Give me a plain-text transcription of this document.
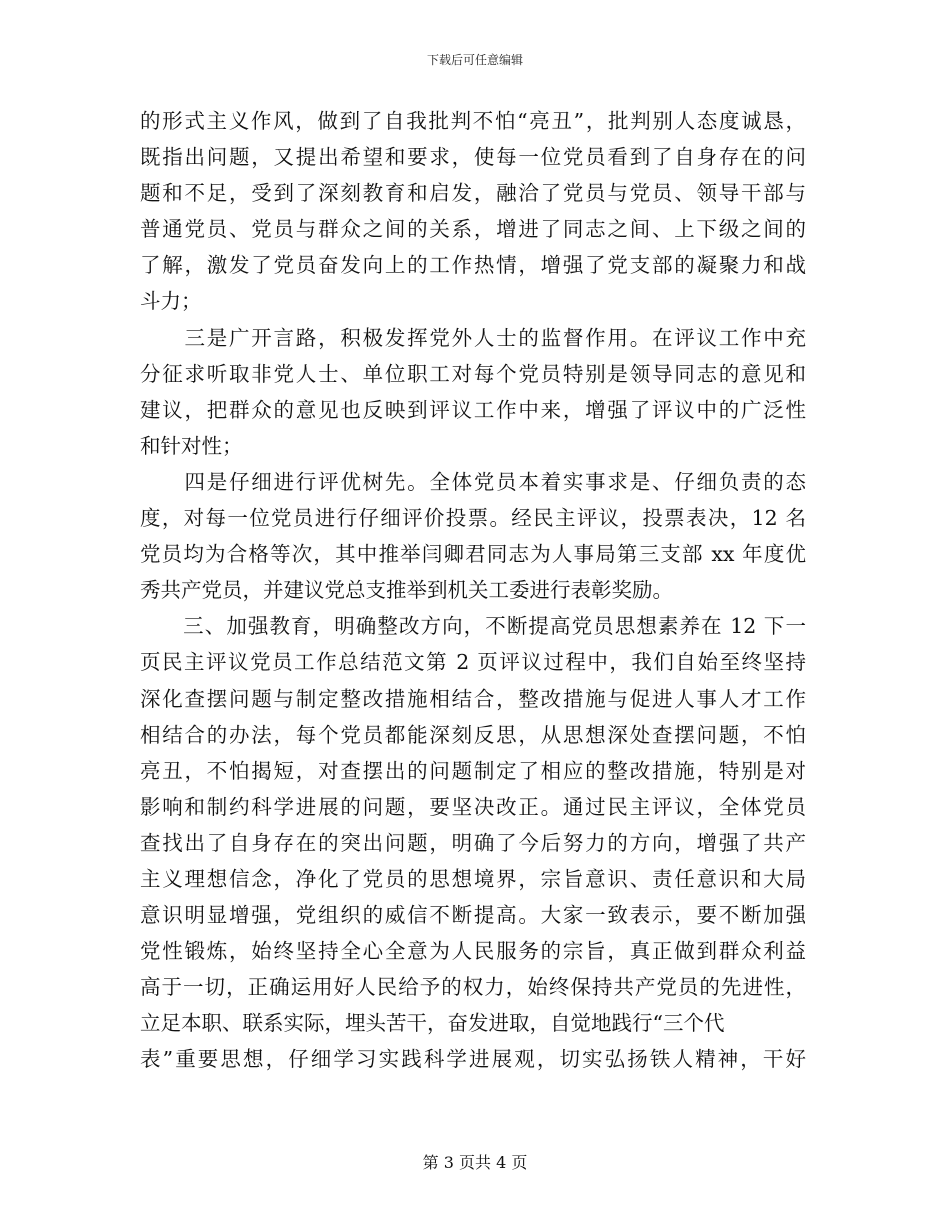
下载后可任意编辑
的形式主义作风，做到了自我批判不怕“亮丑”，批判别人态度诚恳，
既指出问题，又提出希望和要求，使每一位党员看到了自身存在的问
题和不足，受到了深刻教育和启发，融洽了党员与党员、领导干部与
普通党员、党员与群众之间的关系，增进了同志之间、上下级之间的
了解，激发了党员奋发向上的工作热情，增强了党支部的凝聚力和战
斗力；
　　三是广开言路，积极发挥党外人士的监督作用。在评议工作中充
分征求听取非党人士、单位职工对每个党员特别是领导同志的意见和
建议，把群众的意见也反映到评议工作中来，增强了评议中的广泛性
和针对性；
　　四是仔细进行评优树先。全体党员本着实事求是、仔细负责的态
度，对每一位党员进行仔细评价投票。经民主评议，投票表决，12 名
党员均为合格等次，其中推举闫卿君同志为人事局第三支部 xx 年度优
秀共产党员，并建议党总支推举到机关工委进行表彰奖励。
　　三、加强教育，明确整改方向，不断提高党员思想素养在 12 下一
页民主评议党员工作总结范文第 2 页评议过程中，我们自始至终坚持
深化查摆问题与制定整改措施相结合，整改措施与促进人事人才工作
相结合的办法，每个党员都能深刻反思，从思想深处查摆问题，不怕
亮丑，不怕揭短，对查摆出的问题制定了相应的整改措施，特别是对
影响和制约科学进展的问题，要坚决改正。通过民主评议，全体党员
查找出了自身存在的突出问题，明确了今后努力的方向，增强了共产
主义理想信念，净化了党员的思想境界，宗旨意识、责任意识和大局
意识明显增强，党组织的威信不断提高。大家一致表示，要不断加强
党性锻炼，始终坚持全心全意为人民服务的宗旨，真正做到群众利益
高于一切，正确运用好人民给予的权力，始终保持共产党员的先进性，
立足本职、联系实际，埋头苦干，奋发进取，自觉地践行“三个代
表”重要思想，仔细学习实践科学进展观，切实弘扬铁人精神，干好
第 3 页共 4 页
